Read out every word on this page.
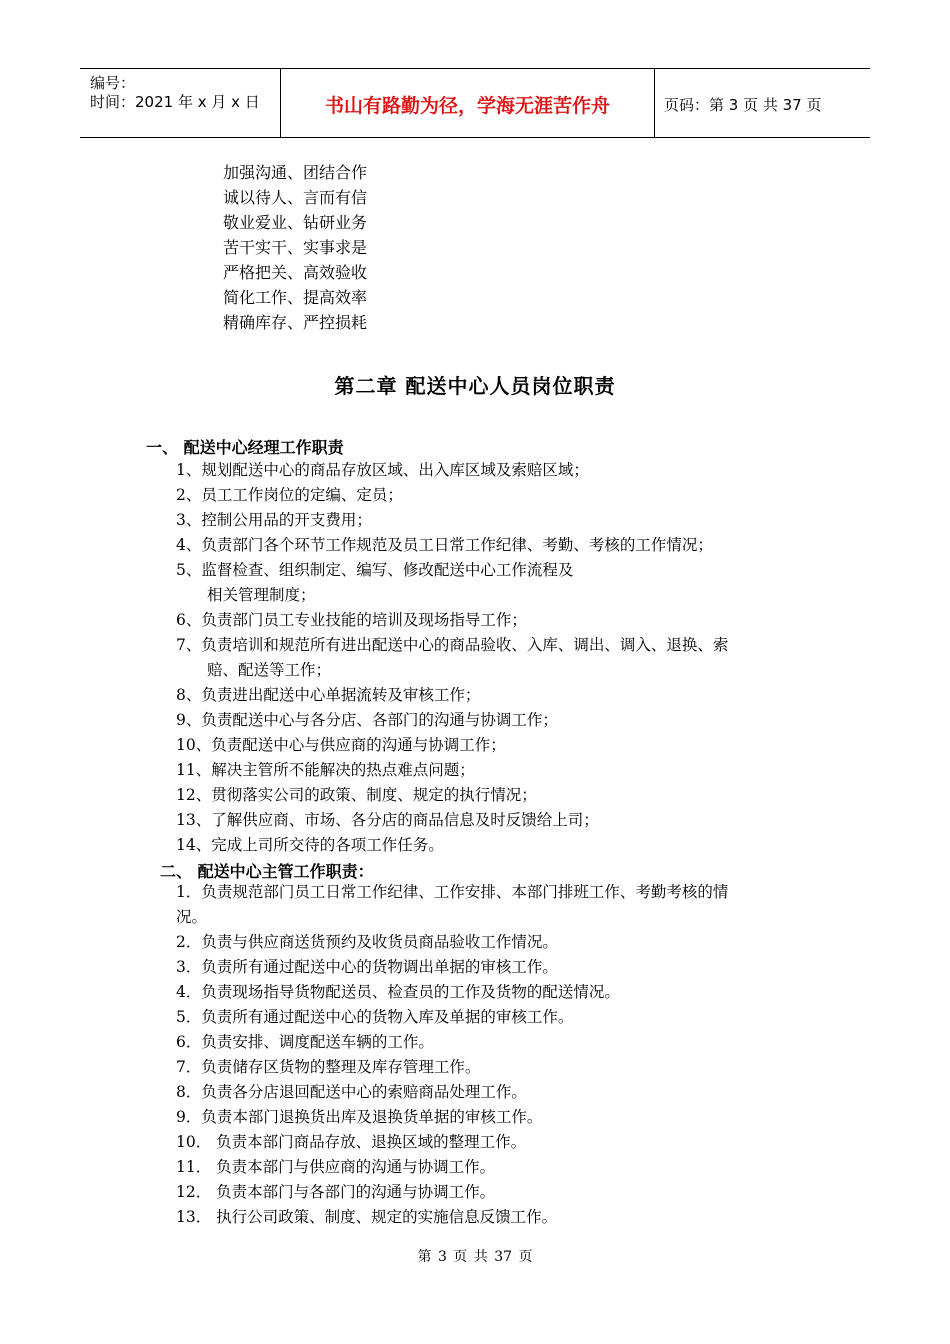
编号：
时间：2021 年 x 月 x 日	书山有路勤为径，学海无涯苦作舟	页码：第 3 页 共 37 页
加强沟通、团结合作
诚以待人、言而有信
敬业爱业、钻研业务
苦干实干、实事求是
严格把关、高效验收
简化工作、提高效率
精确库存、严控损耗
第二章 配送中心人员岗位职责
一、 配送中心经理工作职责
1、规划配送中心的商品存放区域、出入库区域及索赔区域；
2、员工工作岗位的定编、定员；
3、控制公用品的开支费用；
4、负责部门各个环节工作规范及员工日常工作纪律、考勤、考核的工作情况；
5、监督检查、组织制定、编写、修改配送中心工作流程及
相关管理制度；
6、负责部门员工专业技能的培训及现场指导工作；
7、负责培训和规范所有进出配送中心的商品验收、入库、调出、调入、退换、索
赔、配送等工作；
8、负责进出配送中心单据流转及审核工作；
9、负责配送中心与各分店、各部门的沟通与协调工作；
10、负责配送中心与供应商的沟通与协调工作；
11、解决主管所不能解决的热点难点问题；
12、贯彻落实公司的政策、制度、规定的执行情况；
13、了解供应商、市场、各分店的商品信息及时反馈给上司；
14、完成上司所交待的各项工作任务。
二、 配送中心主管工作职责：
1．负责规范部门员工日常工作纪律、工作安排、本部门排班工作、考勤考核的情
况。
2．负责与供应商送货预约及收货员商品验收工作情况。
3．负责所有通过配送中心的货物调出单据的审核工作。
4．负责现场指导货物配送员、检查员的工作及货物的配送情况。
5．负责所有通过配送中心的货物入库及单据的审核工作。
6．负责安排、调度配送车辆的工作。
7．负责储存区货物的整理及库存管理工作。
8．负责各分店退回配送中心的索赔商品处理工作。
9．负责本部门退换货出库及退换货单据的审核工作。
10． 负责本部门商品存放、退换区域的整理工作。
11． 负责本部门与供应商的沟通与协调工作。
12． 负责本部门与各部门的沟通与协调工作。
13． 执行公司政策、制度、规定的实施信息反馈工作。
第 3 页 共 37 页
